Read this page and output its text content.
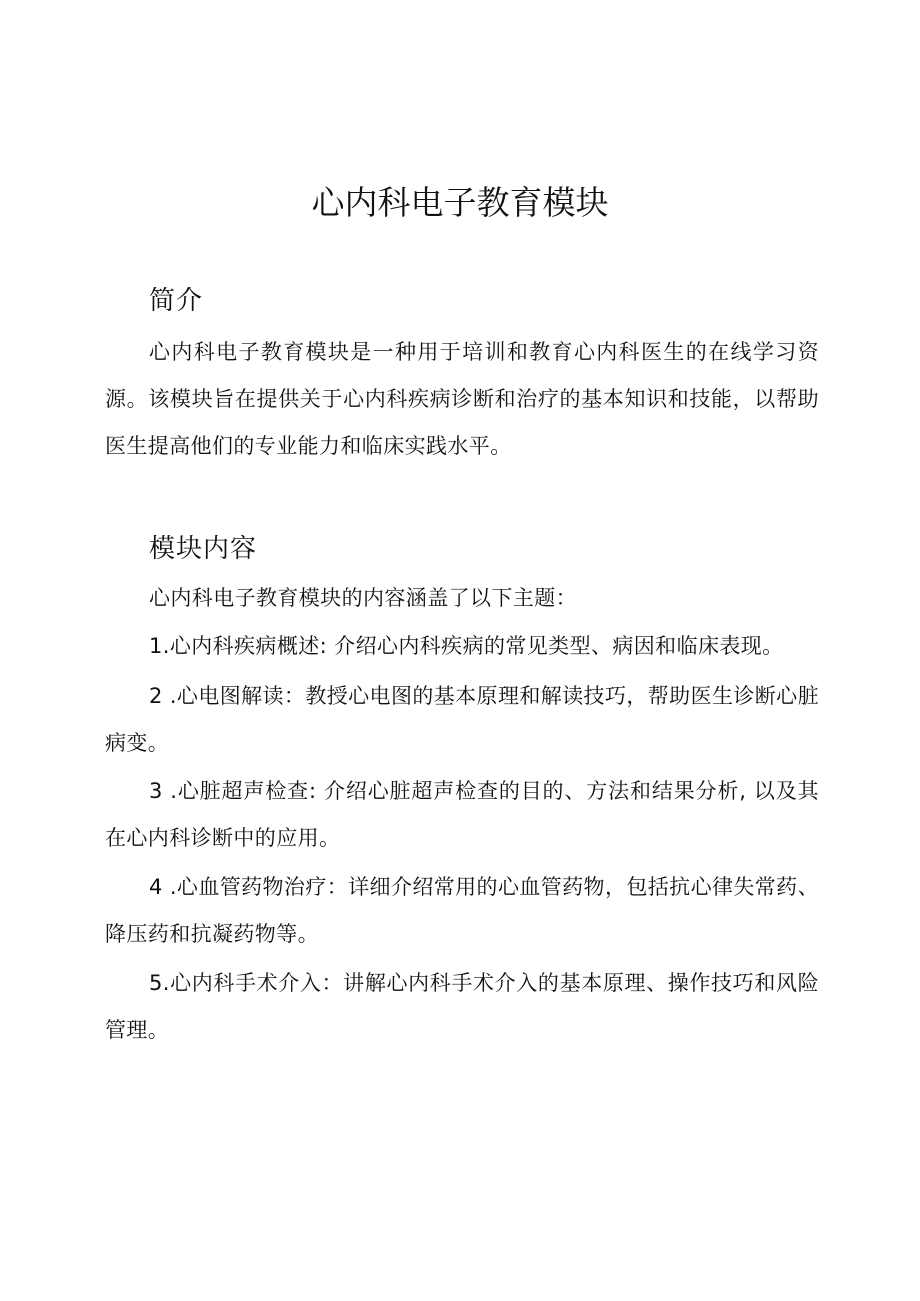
心内科电子教育模块
简介

心内科电子教育模块是一种用于培训和教育心内科医生的在线学习资源。该模块旨在提供关于心内科疾病诊断和治疗的基本知识和技能，以帮助医生提高他们的专业能力和临床实践水平。

模块内容

心内科电子教育模块的内容涵盖了以下主题：

1.心内科疾病概述: 介绍心内科疾病的常见类型、病因和临床表现。

2 .心电图解读：教授心电图的基本原理和解读技巧，帮助医生诊断心脏病变。

3 .心脏超声检查: 介绍心脏超声检查的目的、方法和结果分析, 以及其在心内科诊断中的应用。

4 .心血管药物治疗：详细介绍常用的心血管药物，包括抗心律失常药、降压药和抗凝药物等。

5.心内科手术介入：讲解心内科手术介入的基本原理、操作技巧和风险管理。
